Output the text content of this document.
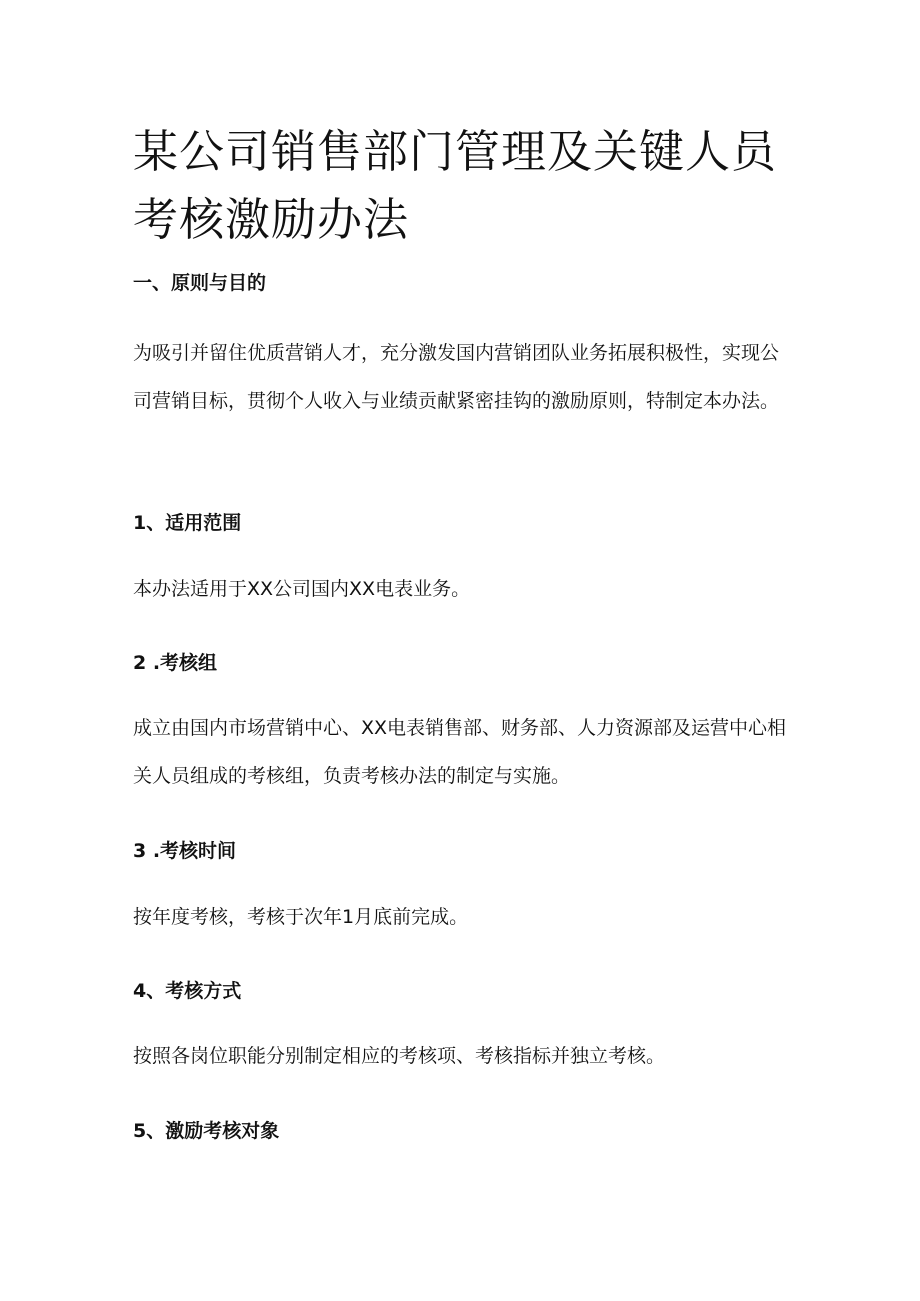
某公司销售部门管理及关键人员考核激励办法
一、原则与目的

为吸引并留住优质营销人才，充分激发国内营销团队业务拓展积极性，实现公司营销目标，贯彻个人收入与业绩贡献紧密挂钩的激励原则，特制定本办法。

1、适用范围

本办法适用于XX公司国内XX电表业务。

2 .考核组

成立由国内市场营销中心、XX电表销售部、财务部、人力资源部及运营中心相关人员组成的考核组，负责考核办法的制定与实施。

3 .考核时间

按年度考核，考核于次年1月底前完成。

4、考核方式

按照各岗位职能分别制定相应的考核项、考核指标并独立考核。

5、激励考核对象
